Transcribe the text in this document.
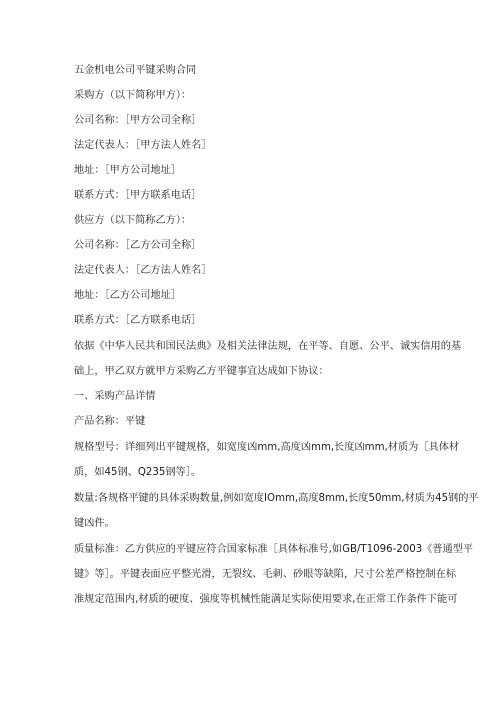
五金机电公司平键采购合同
采购方（以下简称甲方）：
公司名称：［甲方公司全称］
法定代表人：［甲方法人姓名］
地址：［甲方公司地址］
联系方式：［甲方联系电话］
供应方（以下简称乙方）：
公司名称：［乙方公司全称］
法定代表人：［乙方法人姓名］
地址：［乙方公司地址］
联系方式：［乙方联系电话］
依据《中华人民共和国民法典》及相关法律法规，在平等、自愿、公平、诚实信用的基
础上，甲乙双方就甲方采购乙方平键事宜达成如下协议：
一、采购产品详情
产品名称：平键
规格型号：详细列出平键规格，如宽度凶mm,高度凶mm,长度凶mm,材质为［具体材
质，如45钢、Q235钢等］。
数量:各规格平键的具体采购数量,例如宽度IOmm,高度8mm,长度50mm,材质为45钢的平
键凶件。
质量标准：乙方供应的平键应符合国家标准［具体标准号,如GB/T1096-2003《普通型平
键》等］。平键表面应平整光滑，无裂纹、毛刺、砂眼等缺陷，尺寸公差严格控制在标
准规定范围内,材质的硬度、强度等机械性能满足实际使用要求,在正常工作条件下能可
